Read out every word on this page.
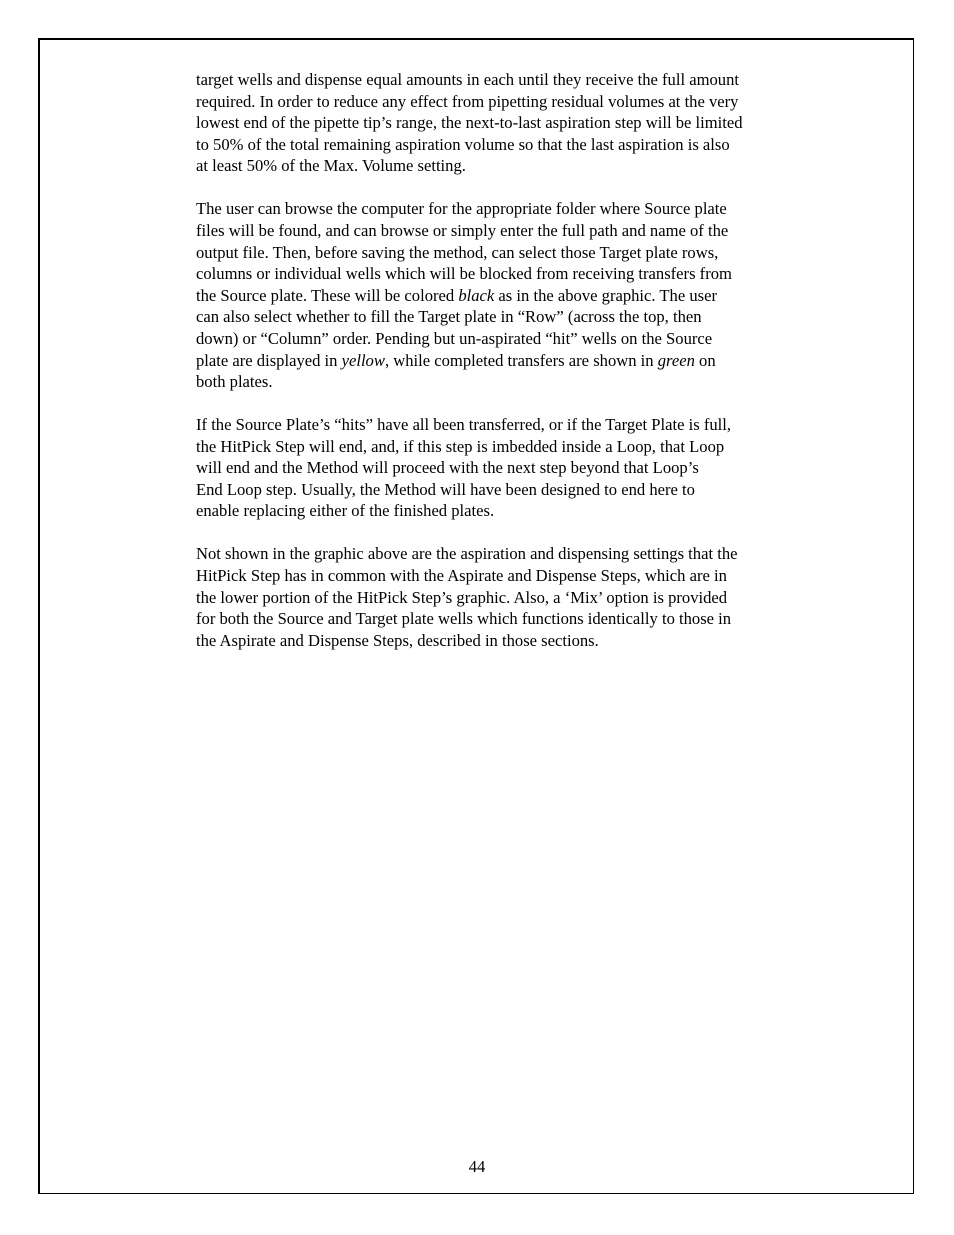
target wells and dispense equal amounts in each until they receive the full amount
required. In order to reduce any effect from pipetting residual volumes at the very
lowest end of the pipette tip’s range, the next-to-last aspiration step will be limited
to 50% of the total remaining aspiration volume so that the last aspiration is also
at least 50% of the Max. Volume setting.

The user can browse the computer for the appropriate folder where Source plate
files will be found, and can browse or simply enter the full path and name of the
output file. Then, before saving the method, can select those Target plate rows,
columns or individual wells which will be blocked from receiving transfers from
the Source plate. These will be colored black as in the above graphic. The user
can also select whether to fill the Target plate in “Row” (across the top, then
down) or “Column” order. Pending but un-aspirated “hit” wells on the Source
plate are displayed in yellow, while completed transfers are shown in green on
both plates.

If the Source Plate’s “hits” have all been transferred, or if the Target Plate is full,
the HitPick Step will end, and, if this step is imbedded inside a Loop, that Loop
will end and the Method will proceed with the next step beyond that Loop’s
End Loop step. Usually, the Method will have been designed to end here to
enable replacing either of the finished plates.

Not shown in the graphic above are the aspiration and dispensing settings that the
HitPick Step has in common with the Aspirate and Dispense Steps, which are in
the lower portion of the HitPick Step’s graphic. Also, a ‘Mix’ option is provided
for both the Source and Target plate wells which functions identically to those in
the Aspirate and Dispense Steps, described in those sections.

44
